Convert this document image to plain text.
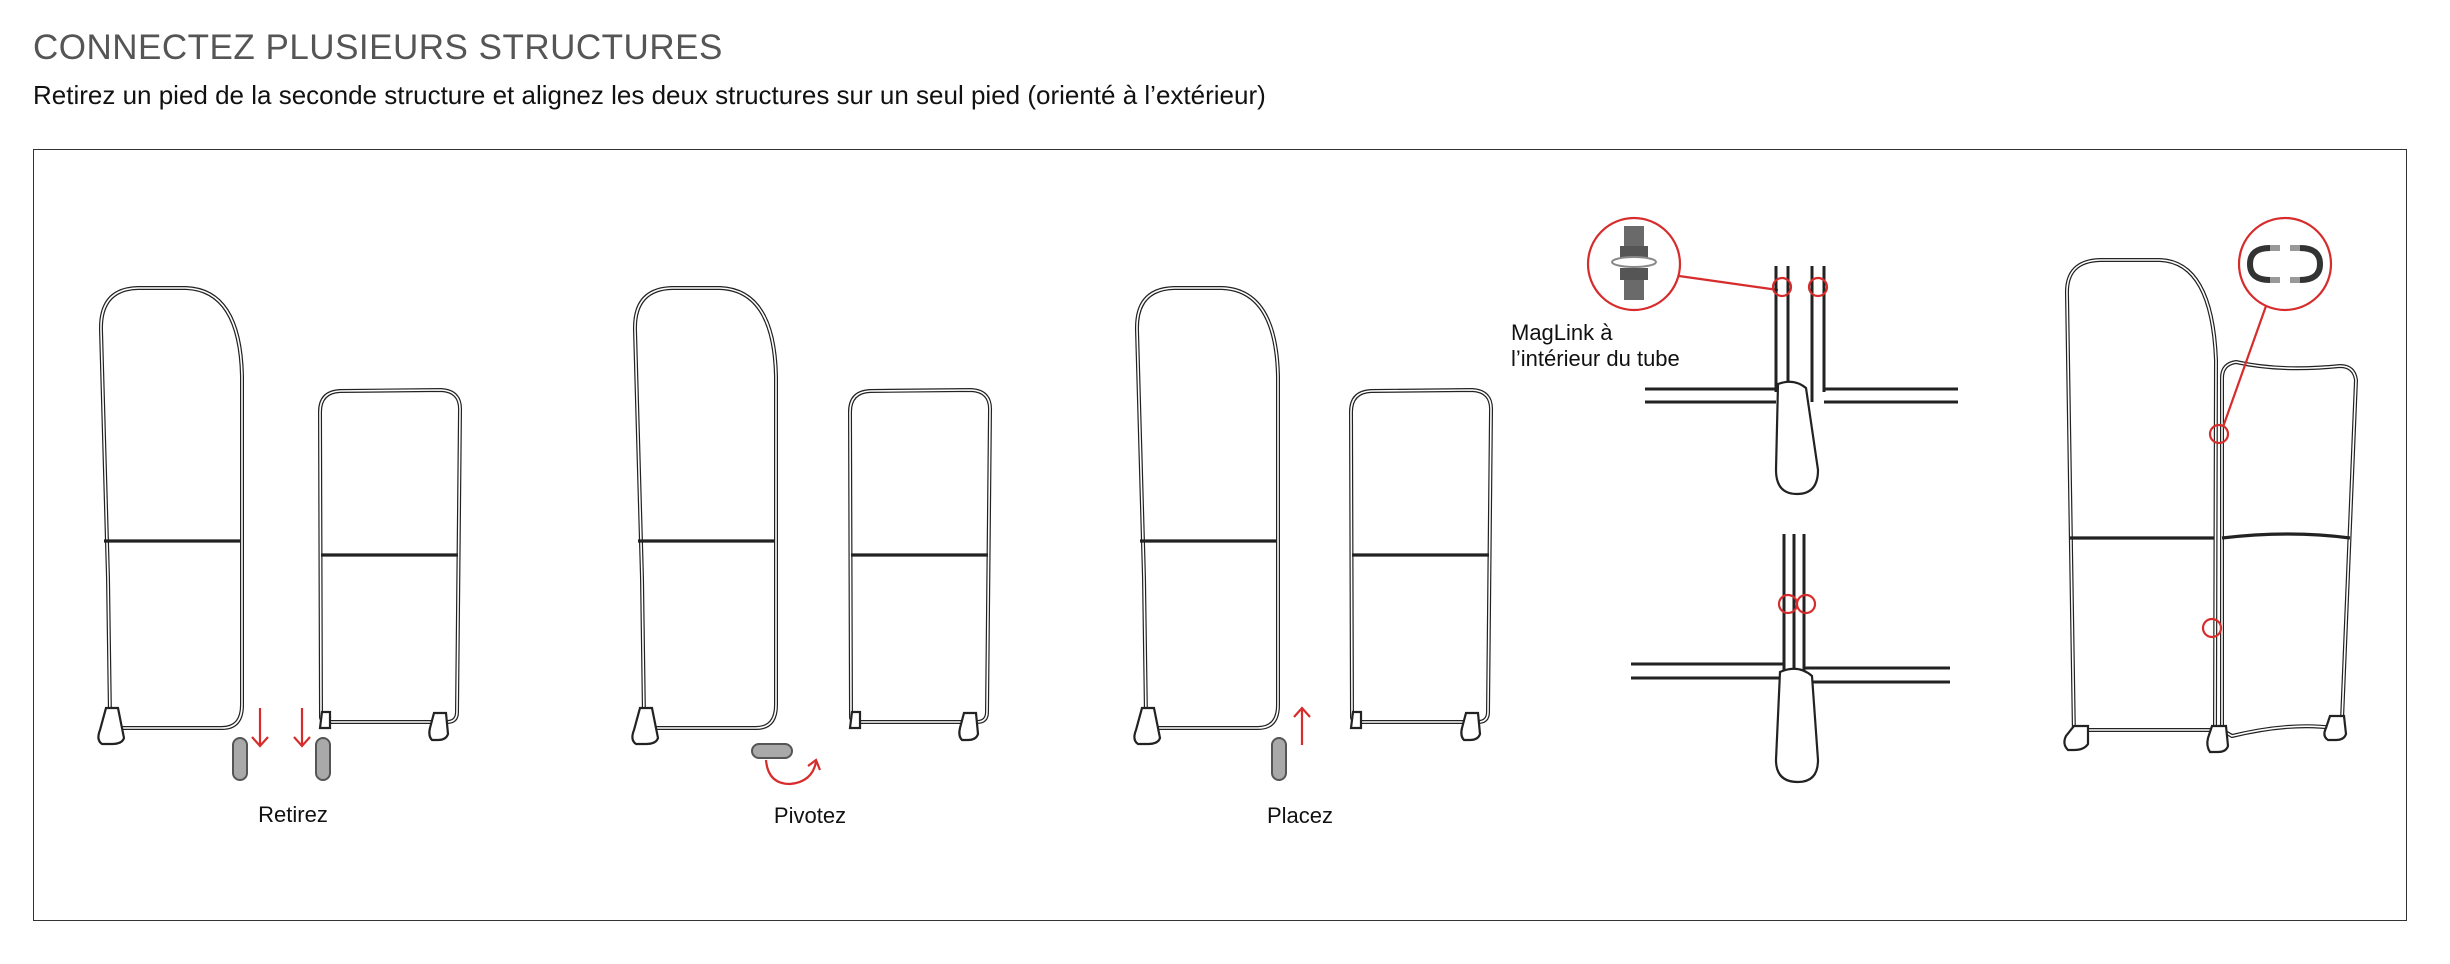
CONNECTEZ PLUSIEURS STRUCTURES

Retirez un pied de la seconde structure et alignez les deux structures sur un seul pied (orienté à l’extérieur)

Retirez	Pivotez	Placez
MagLink à
l’intérieur du tube
